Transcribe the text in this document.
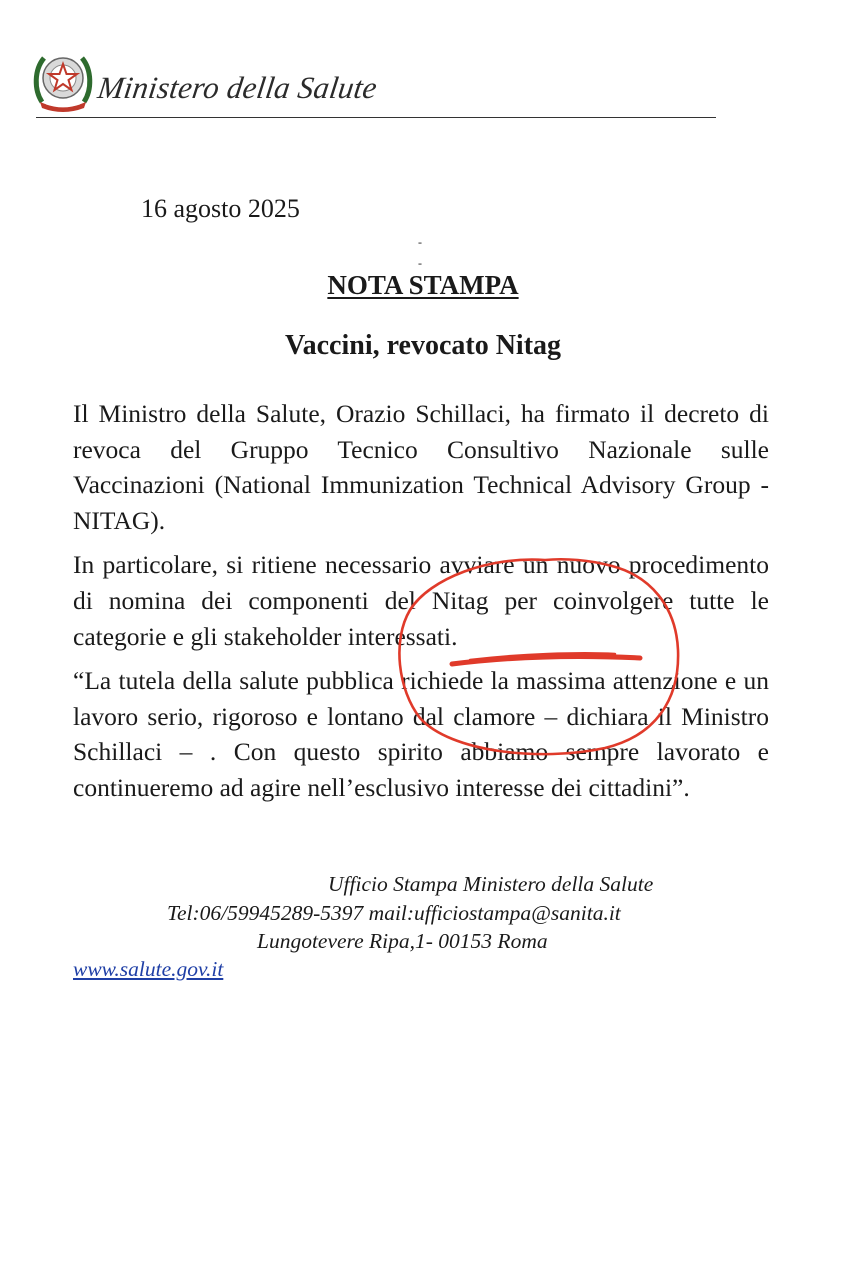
Ministero della Salute
16 agosto 2025
-
-
NOTA STAMPA
Vaccini, revocato Nitag

Il Ministro della Salute, Orazio Schillaci, ha firmato il decreto di revoca del Gruppo Tecnico Consultivo Nazionale sulle Vaccinazioni (National Immunization Technical Advisory Group - NITAG).

In particolare, si ritiene necessario avviare un nuovo procedimento di nomina dei componenti del Nitag per coinvolgere tutte le categorie e gli stakeholder interessati.

“La tutela della salute pubblica richiede la massima attenzione e un lavoro serio, rigoroso e lontano dal clamore – dichiara il Ministro Schillaci – . Con questo spirito abbiamo sempre lavorato e continueremo ad agire nell’esclusivo interesse dei cittadini”.

Ufficio Stampa Ministero della Salute
Tel:06/59945289-5397 mail:ufficiostampa@sanita.it
Lungotevere Ripa,1- 00153 Roma
www.salute.gov.it
